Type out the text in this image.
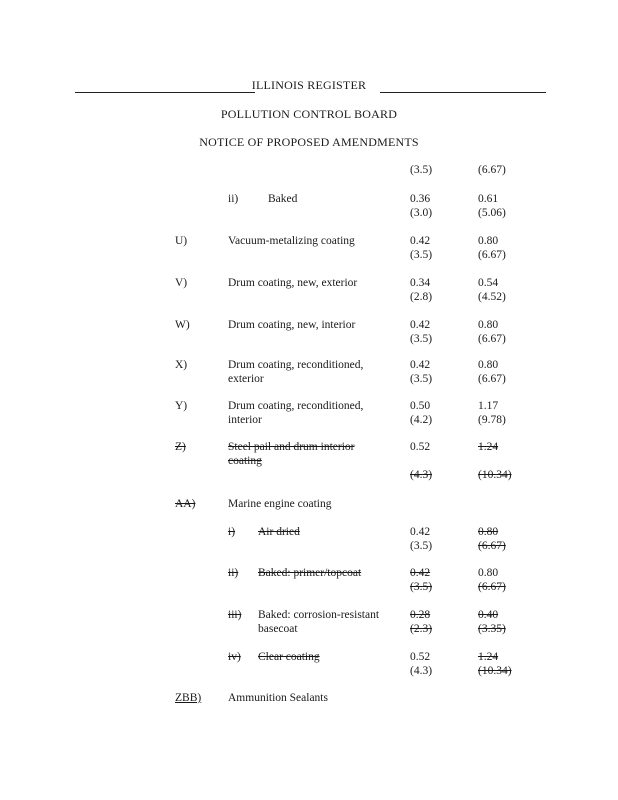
ILLINOIS REGISTER
POLLUTION CONTROL BOARD
NOTICE OF PROPOSED AMENDMENTS
(3.5)	(6.67)
ii)	Baked	0.36	0.61
(3.0)	(5.06)
U)	Vacuum-metalizing coating	0.42	0.80
(3.5)	(6.67)
V)	Drum coating, new, exterior	0.34	0.54
(2.8)	(4.52)
W)	Drum coating, new, interior	0.42	0.80
(3.5)	(6.67)
X)	Drum coating, reconditioned,
exterior
0.42	0.80
(3.5)	(6.67)
Y)	Drum coating, reconditioned,
interior
0.50	1.17
(4.2)	(9.78)
Z)	Steel pail and drum interior
coating
0.52	1.24
(4.3)	(10.34)
AA)	Marine engine coating
i) Air dried	0.42	0.80
(3.5)	(6.67)
ii) Baked: primer/topcoat	0.42	0.80
(3.5)	(6.67)
iii) Baked: corrosion-resistant
basecoat
0.28	0.40
(2.3)	(3.35)
iv) Clear coating	0.52	1.24
(4.3)	(10.34)
ZBB) Ammunition Sealants
